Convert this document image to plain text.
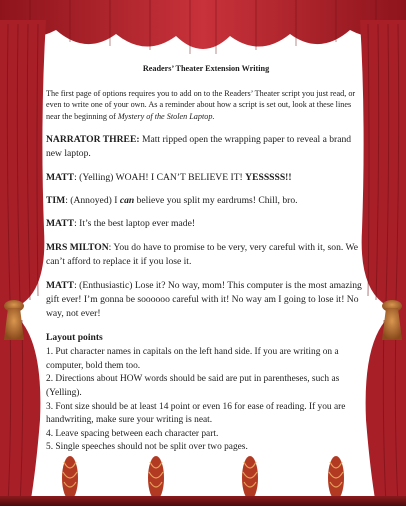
Readers’ Theater Extension Writing

The first page of options requires you to add on to the Readers’ Theater script you just read, or even to write one of your own. As a reminder about how a script is set out, look at these lines near the beginning of Mystery of the Stolen Laptop.

NARRATOR THREE: Matt ripped open the wrapping paper to reveal a brand new laptop.

MATT: (Yelling) WOAH! I CAN’T BELIEVE IT! YESSSSS!!

TIM: (Annoyed) I can believe you split my eardrums! Chill, bro.

MATT: It’s the best laptop ever made!

MRS MILTON: You do have to promise to be very, very careful with it, son. We can’t afford to replace it if you lose it.

MATT: (Enthusiastic) Lose it? No way, mom! This computer is the most amazing gift ever! I’m gonna be soooooo careful with it! No way am I going to lose it! No way, not ever!

Layout points
1. Put character names in capitals on the left hand side. If you are writing on a computer, bold them too.
2. Directions about HOW words should be said are put in parentheses, such as (Yelling).
3. Font size should be at least 14 point or even 16 for ease of reading. If you are handwriting, make sure your writing is neat.
4. Leave spacing between each character part.
5. Single speeches should not be split over two pages.
